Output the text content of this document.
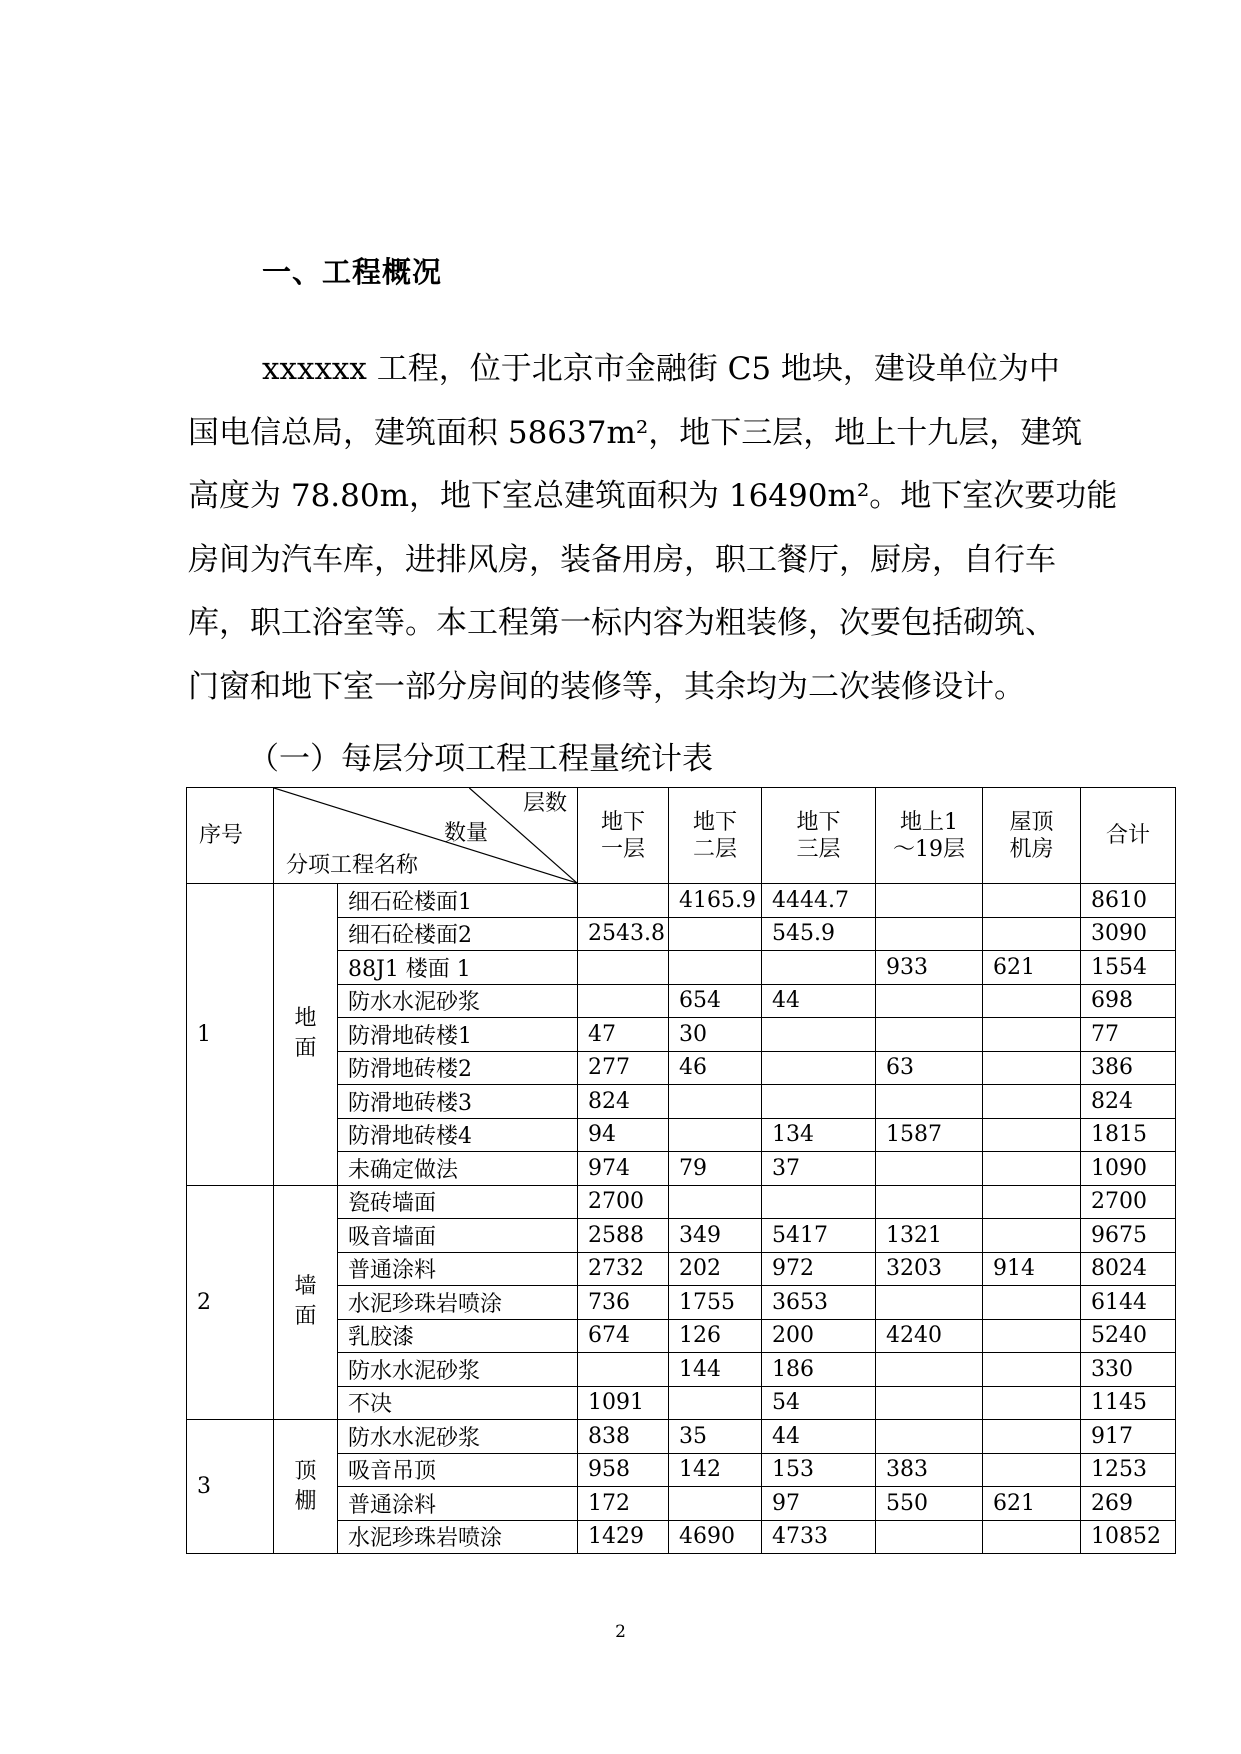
一、工程概况
xxxxxx 工程，位于北京市金融街 C5 地块，建设单位为中
国电信总局，建筑面积 58637m²，地下三层，地上十九层，建筑
高度为 78.80m，地下室总建筑面积为 16490m²。地下室次要功能
房间为汽车库，进排风房，装备用房，职工餐厅，厨房，自行车
库，职工浴室等。本工程第一标内容为粗装修，次要包括砌筑、
门窗和地下室一部分房间的装修等，其余均为二次装修设计。
（一）每层分项工程工程量统计表
序号	层数
数量
分项工程名称		地下一层	地下二层	地下三层	地上1～19层	屋顶机房	合计
1	地面	细石砼楼面1		4165.9	4444.7			8610
		细石砼楼面2	2543.8		545.9			3090
		88J1 楼面 1				933	621	1554
		防水水泥砂浆		654	44			698
		防滑地砖楼1	47	30				77
		防滑地砖楼2	277	46		63		386
		防滑地砖楼3	824					824
		防滑地砖楼4	94		134	1587		1815
		未确定做法	974	79	37			1090
2	墙面	瓷砖墙面	2700					2700
		吸音墙面	2588	349	5417	1321		9675
		普通涂料	2732	202	972	3203	914	8024
		水泥珍珠岩喷涂	736	1755	3653			6144
		乳胶漆	674	126	200	4240		5240
		防水水泥砂浆		144	186			330
		不决	1091		54			1145
3	顶棚	防水水泥砂浆	838	35	44			917
		吸音吊顶	958	142	153	383		1253
		普通涂料	172		97	550	621	269
		水泥珍珠岩喷涂	1429	4690	4733			10852
2
